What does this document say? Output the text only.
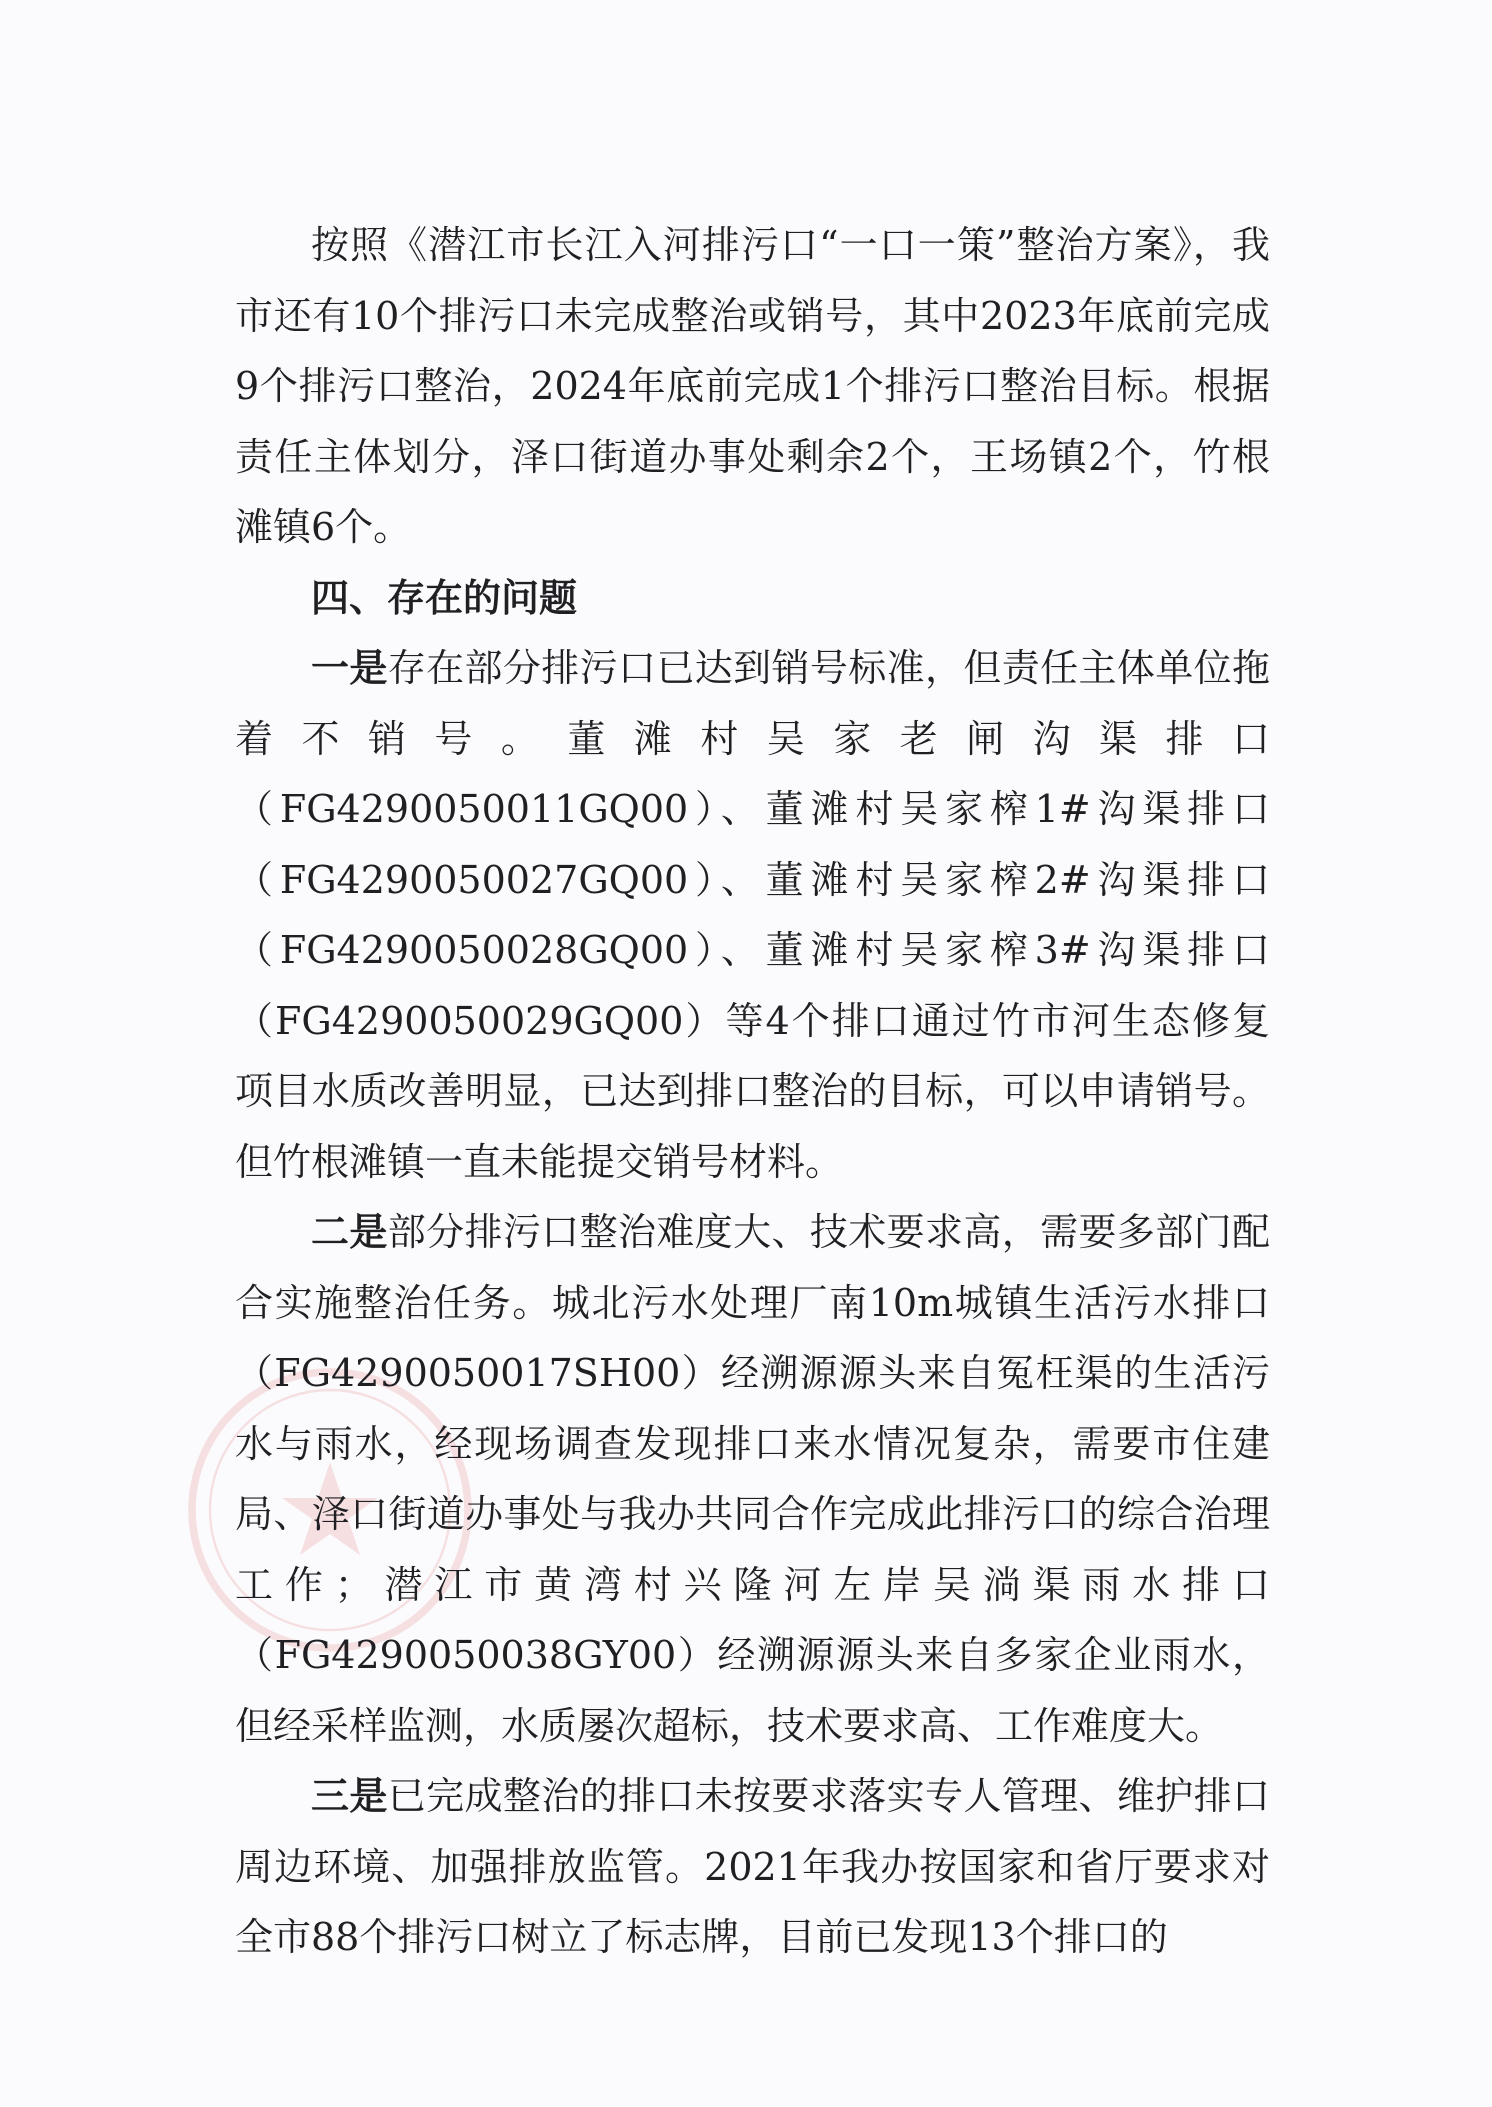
按照《潜江市长江入河排污口“一口一策”整治方案》，我市还有10个排污口未完成整治或销号，其中2023年底前完成9个排污口整治，2024年底前完成1个排污口整治目标。根据责任主体划分，泽口街道办事处剩余2个，王场镇2个，竹根滩镇6个。

四、存在的问题

一是存在部分排污口已达到销号标准，但责任主体单位拖着不销号。董滩村吴家老闸沟渠排口（FG4290050011GQ00）、董滩村吴家榨1#沟渠排口（FG4290050027GQ00）、董滩村吴家榨2#沟渠排口（FG4290050028GQ00）、董滩村吴家榨3#沟渠排口（FG4290050029GQ00）等4个排口通过竹市河生态修复项目水质改善明显，已达到排口整治的目标，可以申请销号。但竹根滩镇一直未能提交销号材料。

二是部分排污口整治难度大、技术要求高，需要多部门配合实施整治任务。城北污水处理厂南10m城镇生活污水排口（FG4290050017SH00）经溯源源头来自冤枉渠的生活污水与雨水，经现场调查发现排口来水情况复杂，需要市住建局、泽口街道办事处与我办共同合作完成此排污口的综合治理工作；潜江市黄湾村兴隆河左岸吴淌渠雨水排口（FG4290050038GY00）经溯源源头来自多家企业雨水，但经采样监测，水质屡次超标，技术要求高、工作难度大。

三是已完成整治的排口未按要求落实专人管理、维护排口周边环境、加强排放监管。2021年我办按国家和省厅要求对全市88个排污口树立了标志牌，目前已发现13个排口的
